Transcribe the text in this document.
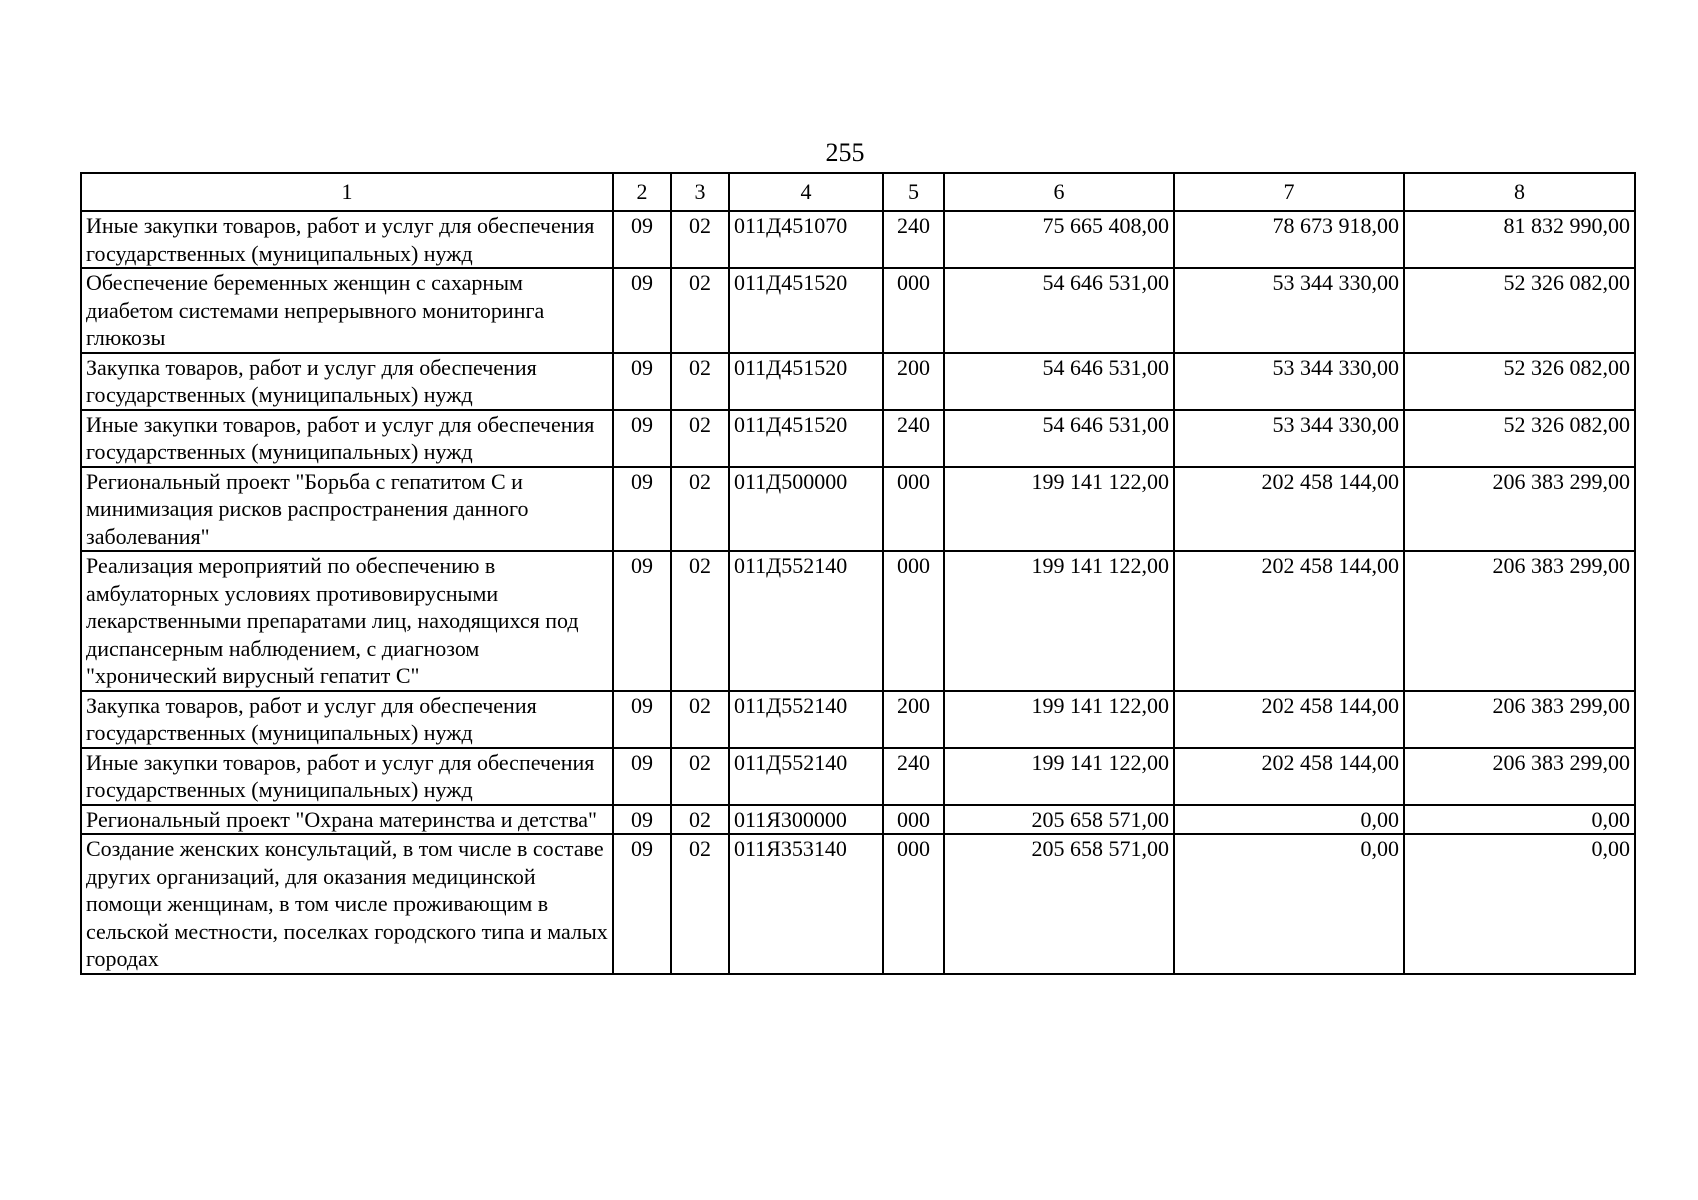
255
1	2	3	4	5	6	7	8
Иные закупки товаров, работ и услуг для обеспечения государственных (муниципальных) нужд	09	02	011Д451070	240	75 665 408,00	78 673 918,00	81 832 990,00
Обеспечение беременных женщин с сахарным диабетом системами непрерывного мониторинга глюкозы	09	02	011Д451520	000	54 646 531,00	53 344 330,00	52 326 082,00
Закупка товаров, работ и услуг для обеспечения государственных (муниципальных) нужд	09	02	011Д451520	200	54 646 531,00	53 344 330,00	52 326 082,00
Иные закупки товаров, работ и услуг для обеспечения государственных (муниципальных) нужд	09	02	011Д451520	240	54 646 531,00	53 344 330,00	52 326 082,00
Региональный проект "Борьба с гепатитом С и минимизация рисков распространения данного заболевания"	09	02	011Д500000	000	199 141 122,00	202 458 144,00	206 383 299,00
Реализация мероприятий по обеспечению в амбулаторных условиях противовирусными лекарственными препаратами лиц, находящихся под диспансерным наблюдением, с диагнозом "хронический вирусный гепатит С"	09	02	011Д552140	000	199 141 122,00	202 458 144,00	206 383 299,00
Закупка товаров, работ и услуг для обеспечения государственных (муниципальных) нужд	09	02	011Д552140	200	199 141 122,00	202 458 144,00	206 383 299,00
Иные закупки товаров, работ и услуг для обеспечения государственных (муниципальных) нужд	09	02	011Д552140	240	199 141 122,00	202 458 144,00	206 383 299,00
Региональный проект "Охрана материнства и детства"	09	02	011Я300000	000	205 658 571,00	0,00	0,00
Создание женских консультаций, в том числе в составе других организаций, для оказания медицинской помощи женщинам, в том числе проживающим в сельской местности, поселках городского типа и малых городах	09	02	011Я353140	000	205 658 571,00	0,00	0,00
